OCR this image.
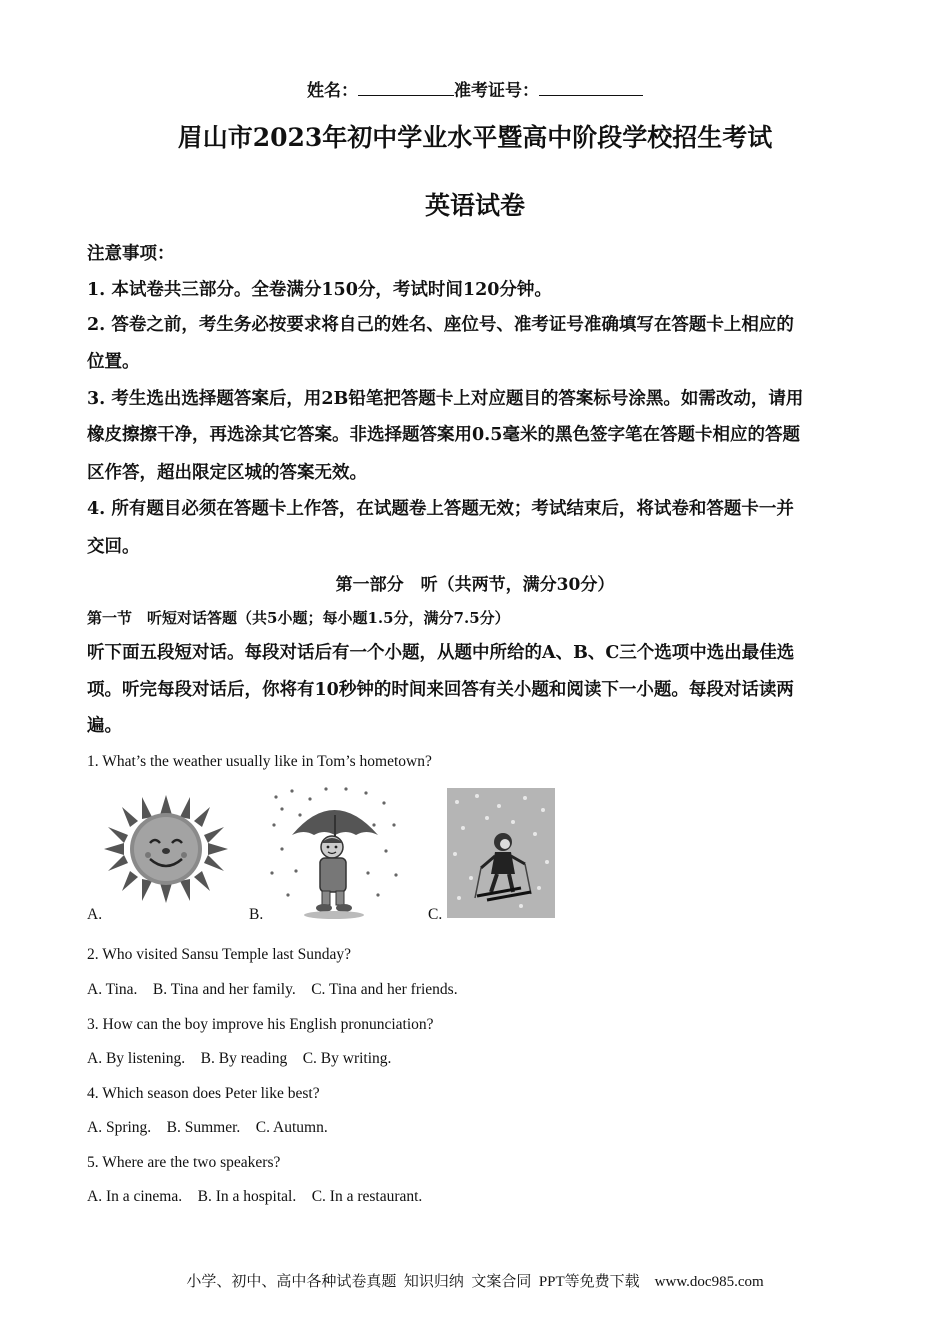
姓名：	准考证号：
眉山市2023年初中学业水平暨高中阶段学校招生考试
英语试卷
注意事项：
1. 本试卷共三部分。全卷满分150分，考试时间120分钟。
2. 答卷之前，考生务必按要求将自己的姓名、座位号、准考证号准确填写在答题卡上相应的
位置。
3. 考生选出选择题答案后，用2B铅笔把答题卡上对应题目的答案标号涂黑。如需改动，请用
橡皮擦擦干净，再选涂其它答案。非选择题答案用0.5毫米的黑色签字笔在答题卡相应的答题
区作答，超出限定区城的答案无效。
4. 所有题目必须在答题卡上作答，在试题卷上答题无效；考试结束后，将试卷和答题卡一并
交回。
第一部分　听（共两节，满分30分）
第一节　听短对话答题（共5小题；每小题1.5分，满分7.5分）
听下面五段短对话。每段对话后有一个小题，从题中所给的A、B、C三个选项中选出最佳选
项。听完每段对话后，你将有10秒钟的时间来回答有关小题和阅读下一小题。每段对话读两
遍。
1. What’s the weather usually like in Tom’s hometown?
A.	B.	C.
2. Who visited Sansu Temple last Sunday?
A. Tina.    B. Tina and her family.    C. Tina and her friends.
3. How can the boy improve his English pronunciation?
A. By listening.    B. By reading    C. By writing.
4. Which season does Peter like best?
A. Spring.    B. Summer.    C. Autumn.
5. Where are the two speakers?
A. In a cinema.    B. In a hospital.    C. In a restaurant.
小学、初中、高中各种试卷真题  知识归纳  文案合同  PPT等免费下载    www.doc985.com
